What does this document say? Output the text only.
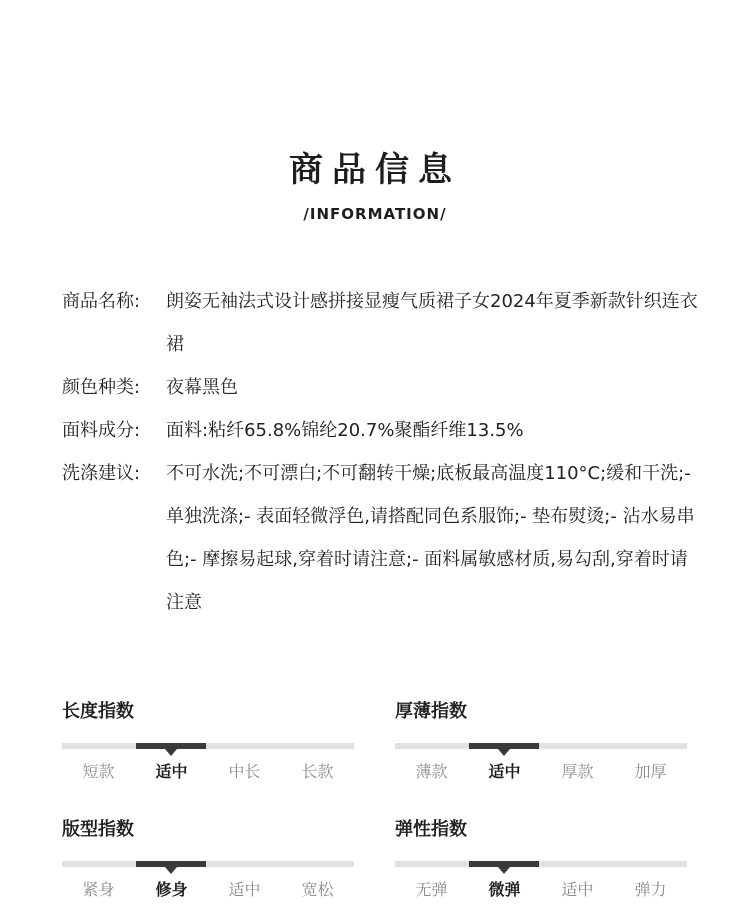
商品信息
/INFORMATION/
商品名称:	朗姿无袖法式设计感拼接显瘦气质裙子女2024年夏季新款针织连衣裙
颜色种类:	夜幕黑色
面料成分:	面料:粘纤65.8%锦纶20.7%聚酯纤维13.5%
洗涤建议:	不可水洗;不可漂白;不可翻转干燥;底板最高温度110°C;缓和干洗;- 单独洗涤;- 表面轻微浮色,请搭配同色系服饰;- 垫布熨烫;- 沾水易串色;- 摩擦易起球,穿着时请注意;- 面料属敏感材质,易勾刮,穿着时请注意
长度指数
短款	适中	中长	长款
厚薄指数
薄款	适中	厚款	加厚
版型指数
紧身	修身	适中	宽松
弹性指数
无弹	微弹	适中	弹力
